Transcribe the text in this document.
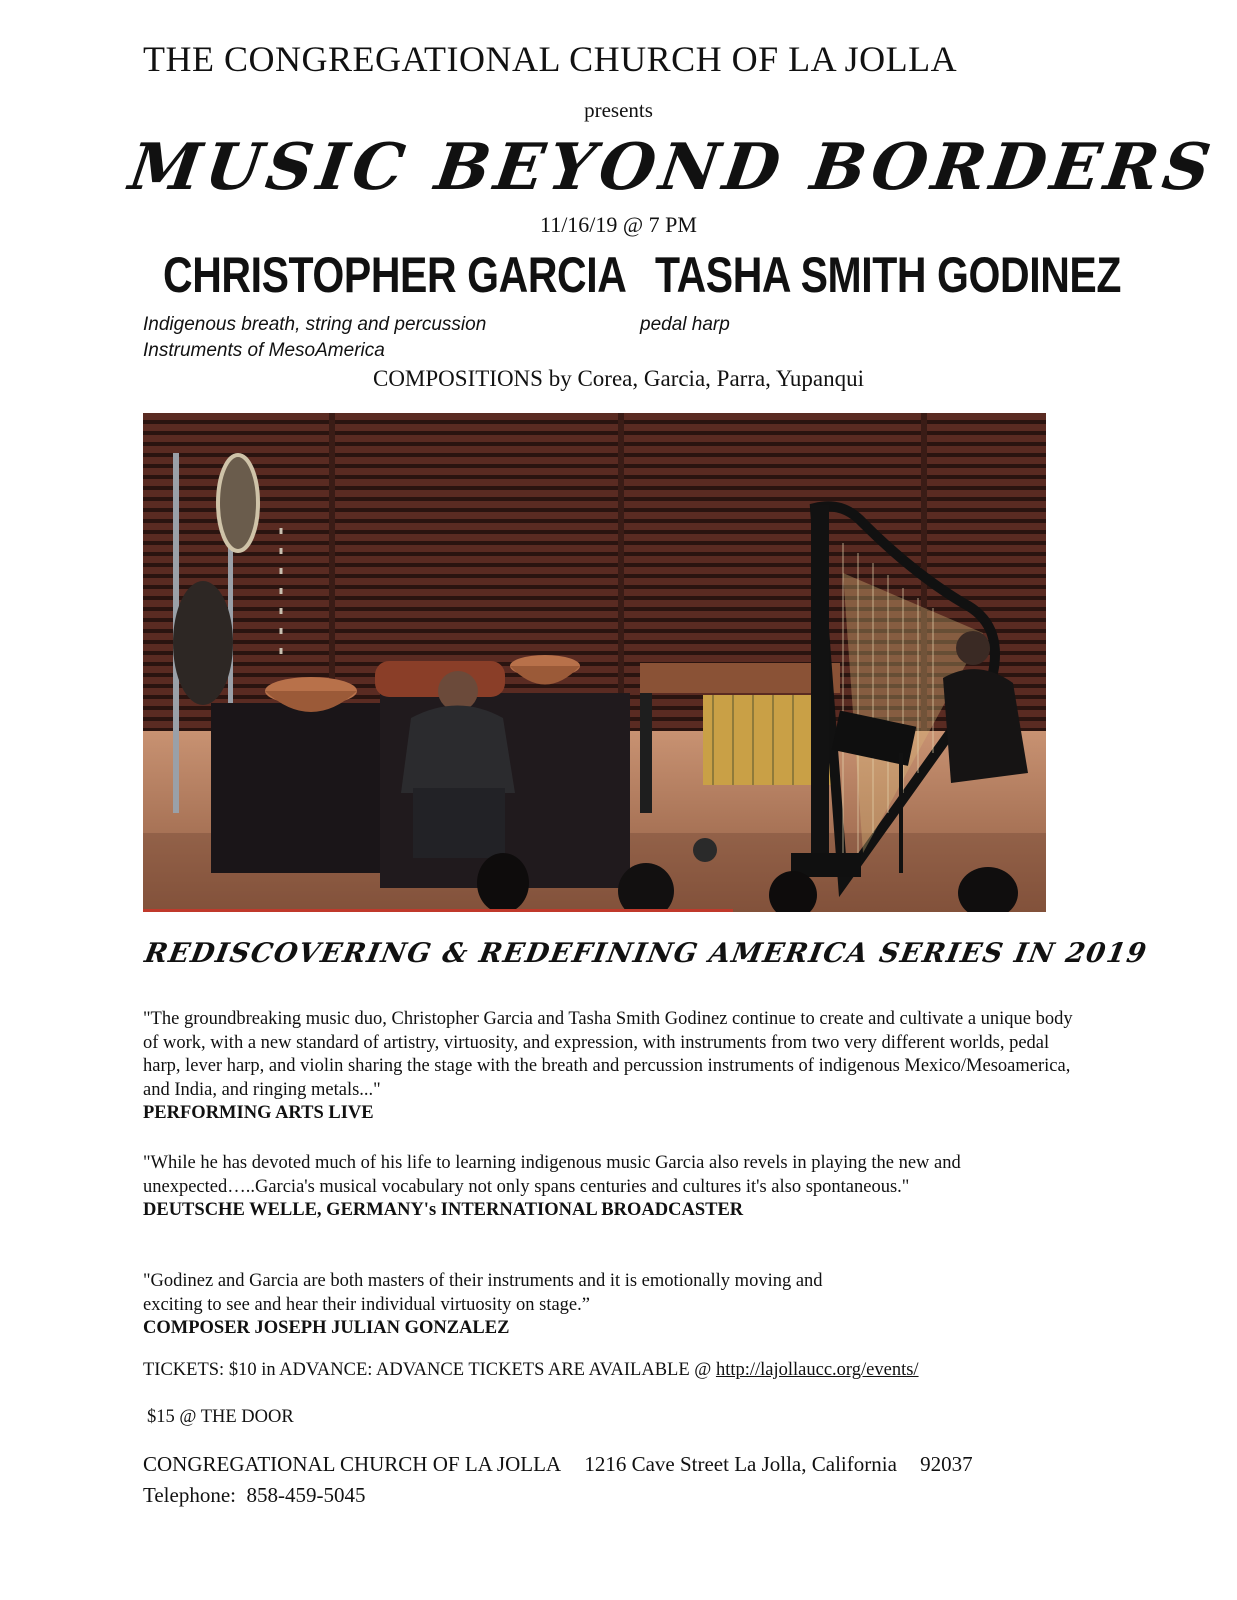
THE CONGREGATIONAL CHURCH OF LA JOLLA
presents
MUSIC BEYOND BORDERS
11/16/19 @ 7 PM
CHRISTOPHER GARCIA TASHA SMITH GODINEZ
Indigenous breath, string and percussion
Instruments of MesoAmerica
pedal harp
COMPOSITIONS by Corea, Garcia, Parra, Yupanqui
REDISCOVERING & REDEFINING AMERICA SERIES IN 2019
"The groundbreaking music duo, Christopher Garcia and Tasha Smith Godinez continue to create and cultivate a unique body of work, with a new standard of artistry, virtuosity, and expression, with instruments from two very different worlds, pedal harp, lever harp, and violin sharing the stage with the breath and percussion instruments of indigenous Mexico/Mesoamerica, and India, and ringing metals..."
PERFORMING ARTS LIVE
"While he has devoted much of his life to learning indigenous music Garcia also revels in playing the new and unexpected…..Garcia's musical vocabulary not only spans centuries and cultures it's also spontaneous."
DEUTSCHE WELLE, GERMANY's INTERNATIONAL BROADCASTER
"Godinez and Garcia are both masters of their instruments and it is emotionally moving and exciting to see and hear their individual virtuosity on stage.”
COMPOSER JOSEPH JULIAN GONZALEZ
TICKETS: $10 in ADVANCE: ADVANCE TICKETS ARE AVAILABLE @ http://lajollaucc.org/events/
$15 @ THE DOOR
CONGREGATIONAL CHURCH OF LA JOLLA 1216 Cave Street La Jolla, California 92037
Telephone:  858-459-5045
